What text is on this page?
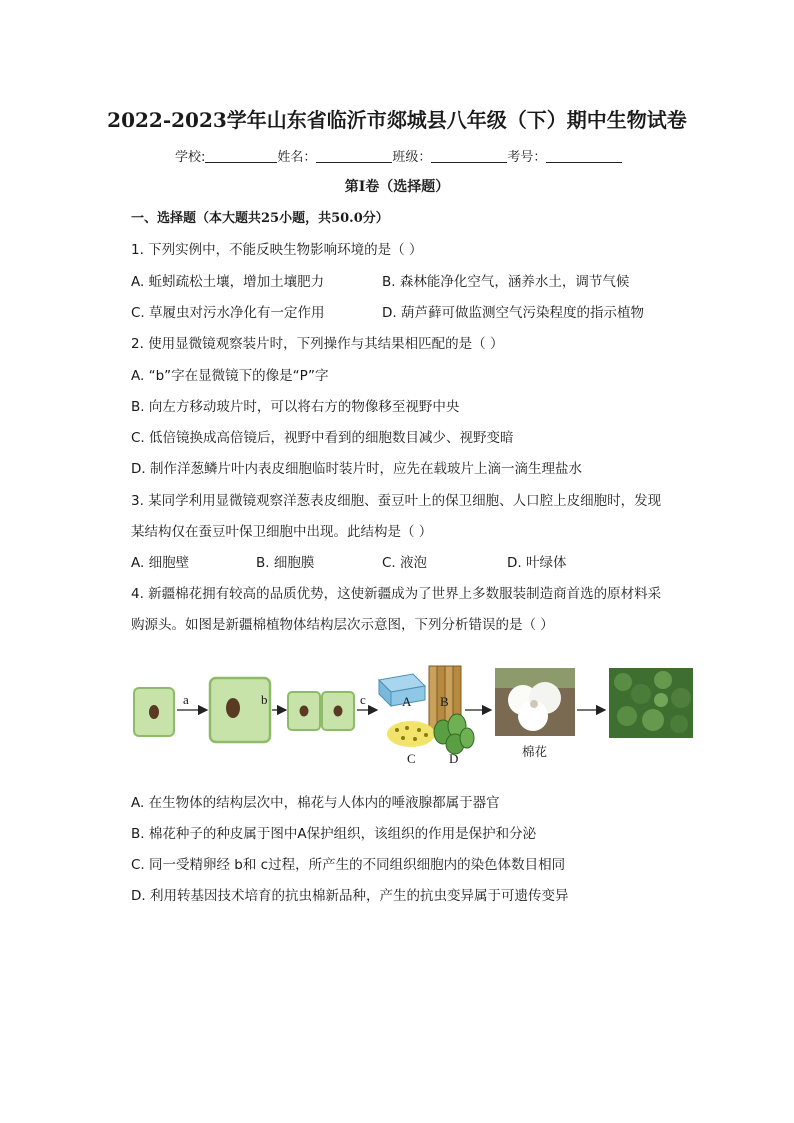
2022-2023学年山东省临沂市郯城县八年级（下）期中生物试卷
学校:	姓名：	班级：	考号：
第I卷（选择题）
一、选择题（本大题共25小题，共50.0分）
1. 下列实例中，不能反映生物影响环境的是（ ）
A. 蚯蚓疏松土壤，增加土壤肥力	B. 森林能净化空气，涵养水土，调节气候
C. 草履虫对污水净化有一定作用	D. 葫芦藓可做监测空气污染程度的指示植物
2. 使用显微镜观察装片时，下列操作与其结果相匹配的是（ ）
A. “b”字在显微镜下的像是“P”字
B. 向左方移动玻片时，可以将右方的物像移至视野中央
C. 低倍镜换成高倍镜后，视野中看到的细胞数目减少、视野变暗
D. 制作洋葱鳞片叶内表皮细胞临时装片时，应先在载玻片上滴一滴生理盐水
3. 某同学利用显微镜观察洋葱表皮细胞、蚕豆叶上的保卫细胞、人口腔上皮细胞时，发现
某结构仅在蚕豆叶保卫细胞中出现。此结构是（ ）
A. 细胞壁	B. 细胞膜	C. 液泡	D. 叶绿体
4. 新疆棉花拥有较高的品质优势，这使新疆成为了世界上多数服装制造商首选的原材料采
购源头。如图是新疆棉植物体结构层次示意图，下列分析错误的是（ ）
a	b	c	A B
C	D	棉花
A. 在生物体的结构层次中，棉花与人体内的唾液腺都属于器官
B. 棉花种子的种皮属于图中A保护组织，该组织的作用是保护和分泌
C. 同一受精卵经 b和 c过程，所产生的不同组织细胞内的染色体数目相同
D. 利用转基因技术培育的抗虫棉新品种，产生的抗虫变异属于可遗传变异
